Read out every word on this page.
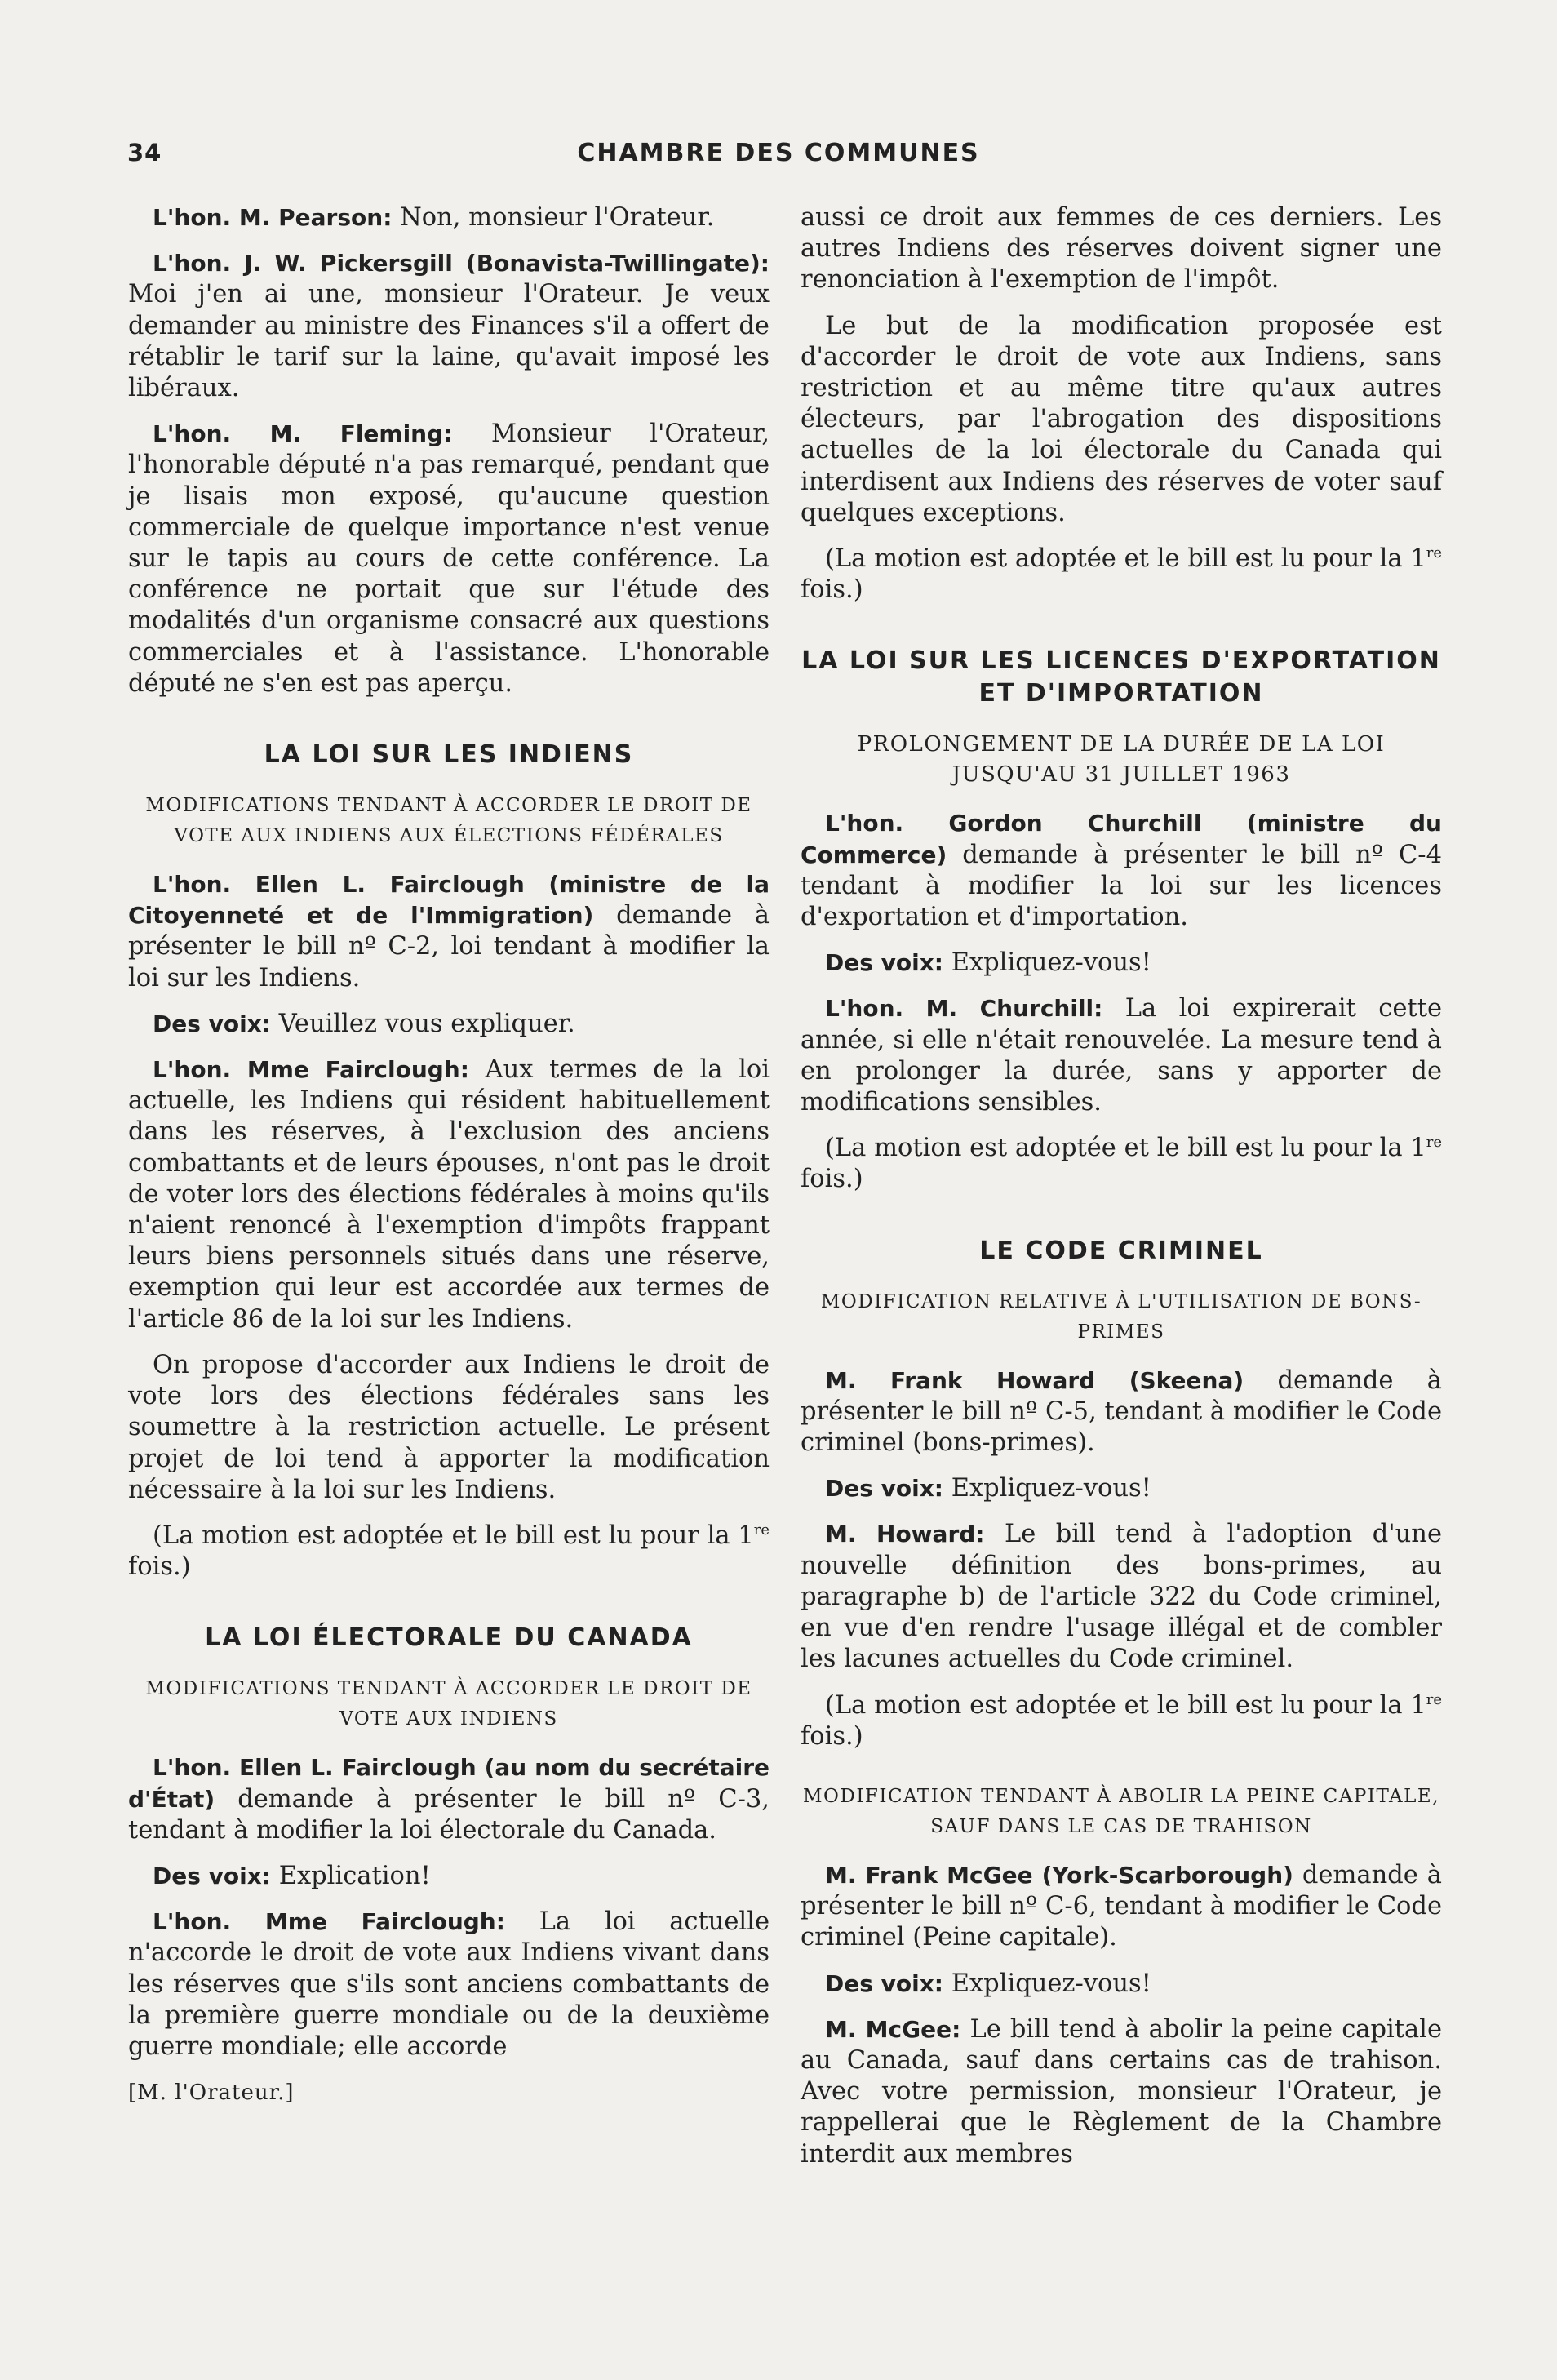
34	CHAMBRE DES COMMUNES

L'hon. M. Pearson: Non, monsieur l'Orateur.

L'hon. J. W. Pickersgill (Bonavista-Twillingate): Moi j'en ai une, monsieur l'Orateur. Je veux demander au ministre des Finances s'il a offert de rétablir le tarif sur la laine, qu'avait imposé les libéraux.

L'hon. M. Fleming: Monsieur l'Orateur, l'honorable député n'a pas remarqué, pendant que je lisais mon exposé, qu'aucune question commerciale de quelque importance n'est venue sur le tapis au cours de cette conférence. La conférence ne portait que sur l'étude des modalités d'un organisme consacré aux questions commerciales et à l'assistance. L'honorable député ne s'en est pas aperçu.

LA LOI SUR LES INDIENS
MODIFICATIONS TENDANT À ACCORDER LE DROIT DE VOTE AUX INDIENS AUX ÉLECTIONS FÉDÉRALES

L'hon. Ellen L. Fairclough (ministre de la Citoyenneté et de l'Immigration) demande à présenter le bill nº C-2, loi tendant à modifier la loi sur les Indiens.

Des voix: Veuillez vous expliquer.

L'hon. Mme Fairclough: Aux termes de la loi actuelle, les Indiens qui résident habituellement dans les réserves, à l'exclusion des anciens combattants et de leurs épouses, n'ont pas le droit de voter lors des élections fédérales à moins qu'ils n'aient renoncé à l'exemption d'impôts frappant leurs biens personnels situés dans une réserve, exemption qui leur est accordée aux termes de l'article 86 de la loi sur les Indiens.

On propose d'accorder aux Indiens le droit de vote lors des élections fédérales sans les soumettre à la restriction actuelle. Le présent projet de loi tend à apporter la modification nécessaire à la loi sur les Indiens.

(La motion est adoptée et le bill est lu pour la 1re fois.)

LA LOI ÉLECTORALE DU CANADA
MODIFICATIONS TENDANT À ACCORDER LE DROIT DE VOTE AUX INDIENS

L'hon. Ellen L. Fairclough (au nom du secrétaire d'État) demande à présenter le bill nº C-3, tendant à modifier la loi électorale du Canada.

Des voix: Explication!

L'hon. Mme Fairclough: La loi actuelle n'accorde le droit de vote aux Indiens vivant dans les réserves que s'ils sont anciens combattants de la première guerre mondiale ou de la deuxième guerre mondiale; elle accorde

[M. l'Orateur.]

aussi ce droit aux femmes de ces derniers. Les autres Indiens des réserves doivent signer une renonciation à l'exemption de l'impôt.

Le but de la modification proposée est d'accorder le droit de vote aux Indiens, sans restriction et au même titre qu'aux autres électeurs, par l'abrogation des dispositions actuelles de la loi électorale du Canada qui interdisent aux Indiens des réserves de voter sauf quelques exceptions.

(La motion est adoptée et le bill est lu pour la 1re fois.)

LA LOI SUR LES LICENCES D'EXPORTATION ET D'IMPORTATION
PROLONGEMENT DE LA DURÉE DE LA LOI JUSQU'AU 31 JUILLET 1963

L'hon. Gordon Churchill (ministre du Commerce) demande à présenter le bill nº C-4 tendant à modifier la loi sur les licences d'exportation et d'importation.

Des voix: Expliquez-vous!

L'hon. M. Churchill: La loi expirerait cette année, si elle n'était renouvelée. La mesure tend à en prolonger la durée, sans y apporter de modifications sensibles.

(La motion est adoptée et le bill est lu pour la 1re fois.)

LE CODE CRIMINEL
MODIFICATION RELATIVE À L'UTILISATION DE BONS-PRIMES

M. Frank Howard (Skeena) demande à présenter le bill nº C-5, tendant à modifier le Code criminel (bons-primes).

Des voix: Expliquez-vous!

M. Howard: Le bill tend à l'adoption d'une nouvelle définition des bons-primes, au paragraphe b) de l'article 322 du Code criminel, en vue d'en rendre l'usage illégal et de combler les lacunes actuelles du Code criminel.

(La motion est adoptée et le bill est lu pour la 1re fois.)

MODIFICATION TENDANT À ABOLIR LA PEINE CAPITALE, SAUF DANS LE CAS DE TRAHISON

M. Frank McGee (York-Scarborough) demande à présenter le bill nº C-6, tendant à modifier le Code criminel (Peine capitale).

Des voix: Expliquez-vous!

M. McGee: Le bill tend à abolir la peine capitale au Canada, sauf dans certains cas de trahison. Avec votre permission, monsieur l'Orateur, je rappellerai que le Règlement de la Chambre interdit aux membres
